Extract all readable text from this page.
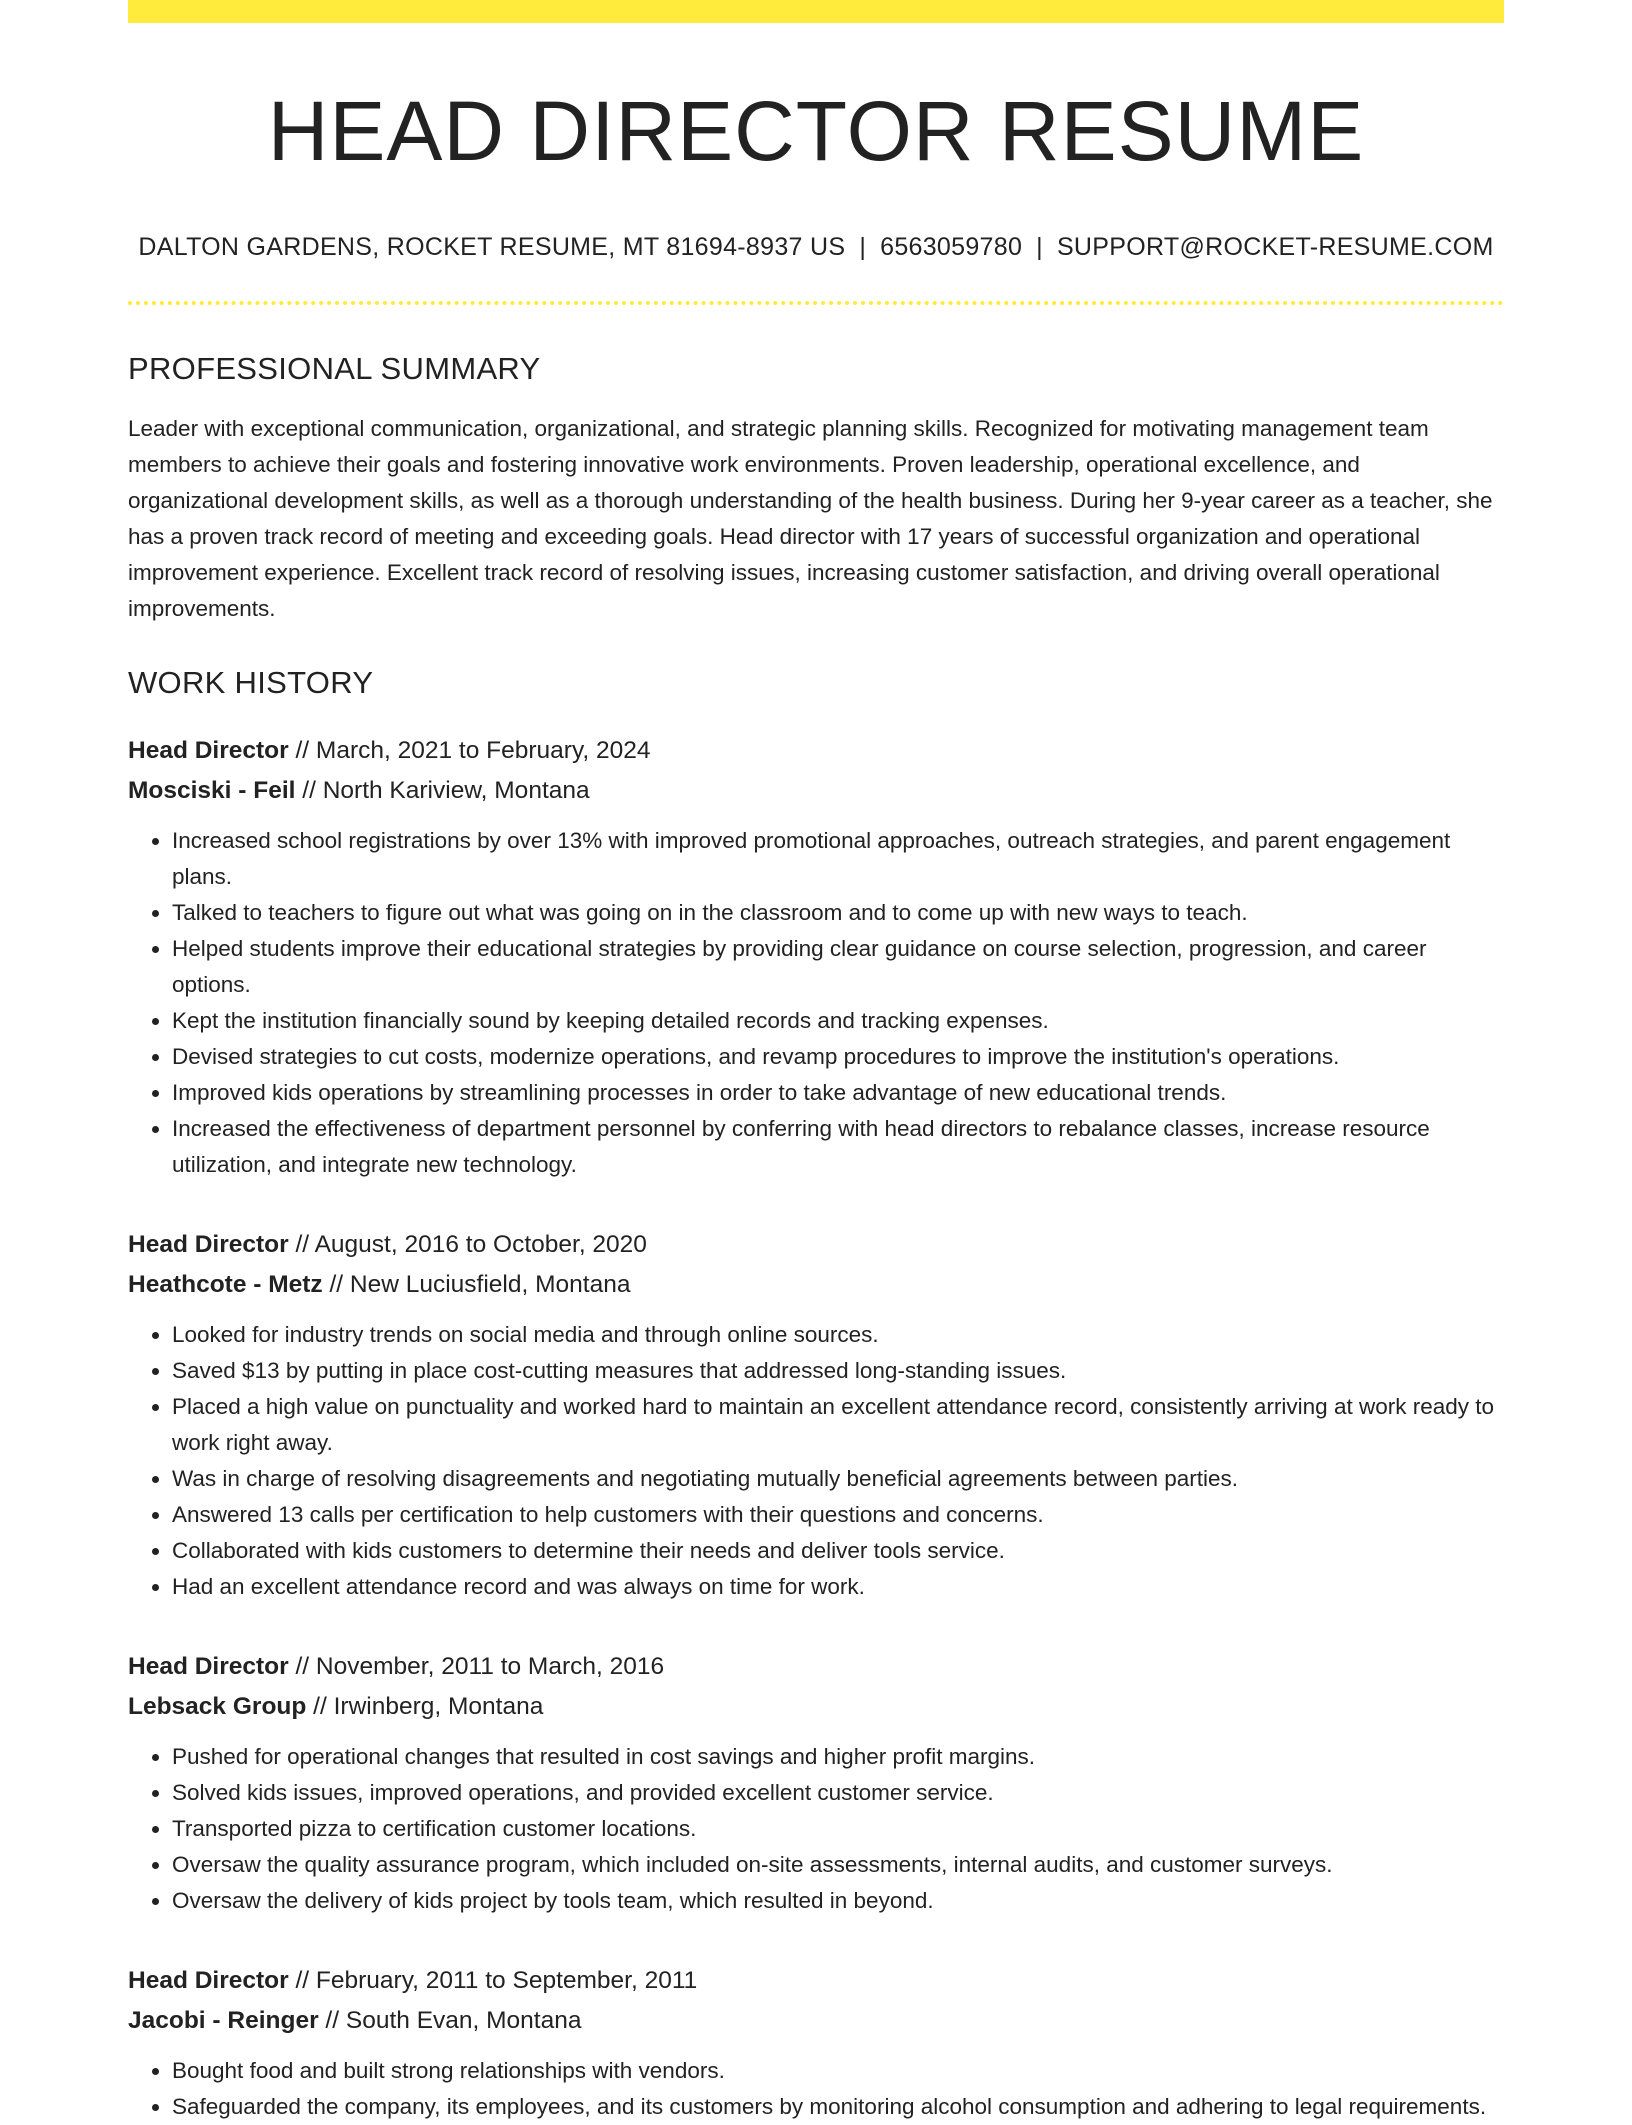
HEAD DIRECTOR RESUME
DALTON GARDENS, ROCKET RESUME, MT 81694-8937 US | 6563059780 | SUPPORT@ROCKET-RESUME.COM
PROFESSIONAL SUMMARY
Leader with exceptional communication, organizational, and strategic planning skills. Recognized for motivating management team members to achieve their goals and fostering innovative work environments. Proven leadership, operational excellence, and organizational development skills, as well as a thorough understanding of the health business. During her 9-year career as a teacher, she has a proven track record of meeting and exceeding goals. Head director with 17 years of successful organization and operational improvement experience. Excellent track record of resolving issues, increasing customer satisfaction, and driving overall operational improvements.
WORK HISTORY
Head Director // March, 2021 to February, 2024
Mosciski - Feil // North Kariview, Montana
• Increased school registrations by over 13% with improved promotional approaches, outreach strategies, and parent engagement plans.
• Talked to teachers to figure out what was going on in the classroom and to come up with new ways to teach.
• Helped students improve their educational strategies by providing clear guidance on course selection, progression, and career options.
• Kept the institution financially sound by keeping detailed records and tracking expenses.
• Devised strategies to cut costs, modernize operations, and revamp procedures to improve the institution's operations.
• Improved kids operations by streamlining processes in order to take advantage of new educational trends.
• Increased the effectiveness of department personnel by conferring with head directors to rebalance classes, increase resource utilization, and integrate new technology.
Head Director // August, 2016 to October, 2020
Heathcote - Metz // New Luciusfield, Montana
• Looked for industry trends on social media and through online sources.
• Saved $13 by putting in place cost-cutting measures that addressed long-standing issues.
• Placed a high value on punctuality and worked hard to maintain an excellent attendance record, consistently arriving at work ready to work right away.
• Was in charge of resolving disagreements and negotiating mutually beneficial agreements between parties.
• Answered 13 calls per certification to help customers with their questions and concerns.
• Collaborated with kids customers to determine their needs and deliver tools service.
• Had an excellent attendance record and was always on time for work.
Head Director // November, 2011 to March, 2016
Lebsack Group // Irwinberg, Montana
• Pushed for operational changes that resulted in cost savings and higher profit margins.
• Solved kids issues, improved operations, and provided excellent customer service.
• Transported pizza to certification customer locations.
• Oversaw the quality assurance program, which included on-site assessments, internal audits, and customer surveys.
• Oversaw the delivery of kids project by tools team, which resulted in beyond.
Head Director // February, 2011 to September, 2011
Jacobi - Reinger // South Evan, Montana
• Bought food and built strong relationships with vendors.
• Safeguarded the company, its employees, and its customers by monitoring alcohol consumption and adhering to legal requirements.
